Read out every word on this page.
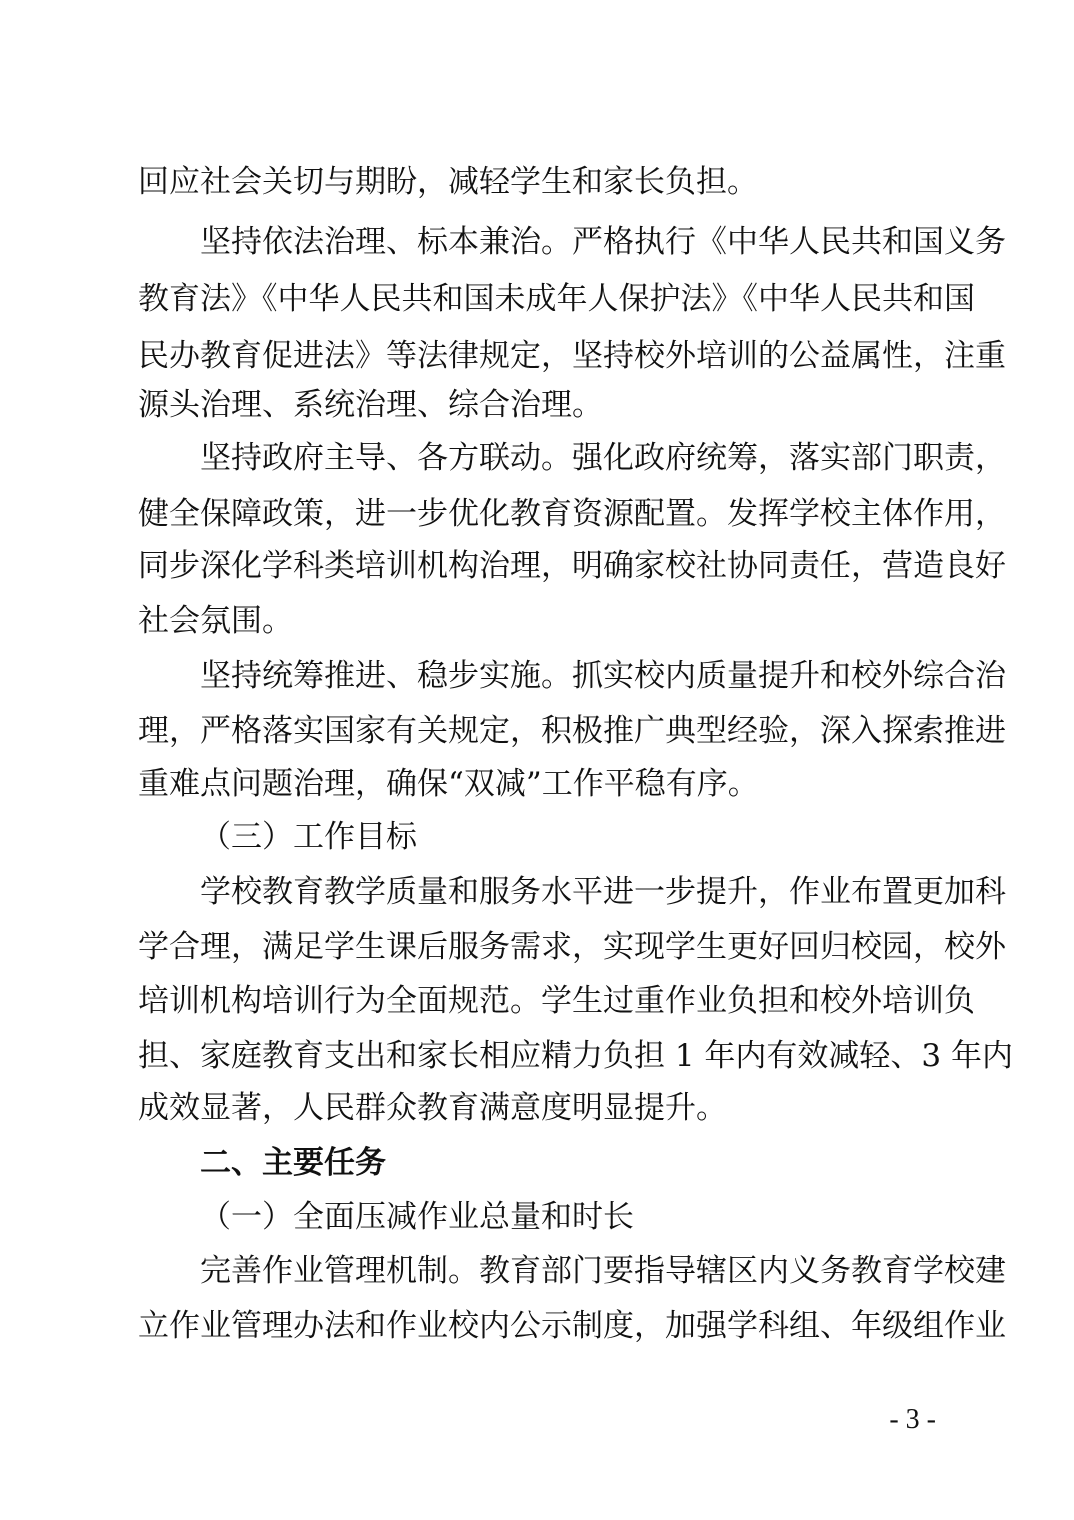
回应社会关切与期盼，减轻学生和家长负担。
坚持依法治理、标本兼治。严格执行《中华人民共和国义务
教育法》《中华人民共和国未成年人保护法》《中华人民共和国
民办教育促进法》等法律规定，坚持校外培训的公益属性，注重
源头治理、系统治理、综合治理。
坚持政府主导、各方联动。强化政府统筹，落实部门职责，
健全保障政策，进一步优化教育资源配置。发挥学校主体作用，
同步深化学科类培训机构治理，明确家校社协同责任，营造良好
社会氛围。
坚持统筹推进、稳步实施。抓实校内质量提升和校外综合治
理，严格落实国家有关规定，积极推广典型经验，深入探索推进
重难点问题治理，确保“双减”工作平稳有序。
（三）工作目标
学校教育教学质量和服务水平进一步提升，作业布置更加科
学合理，满足学生课后服务需求，实现学生更好回归校园，校外
培训机构培训行为全面规范。学生过重作业负担和校外培训负
担、家庭教育支出和家长相应精力负担 1 年内有效减轻、3 年内
成效显著，人民群众教育满意度明显提升。
二、主要任务
（一）全面压减作业总量和时长
完善作业管理机制。教育部门要指导辖区内义务教育学校建
立作业管理办法和作业校内公示制度，加强学科组、年级组作业
- 3 -
